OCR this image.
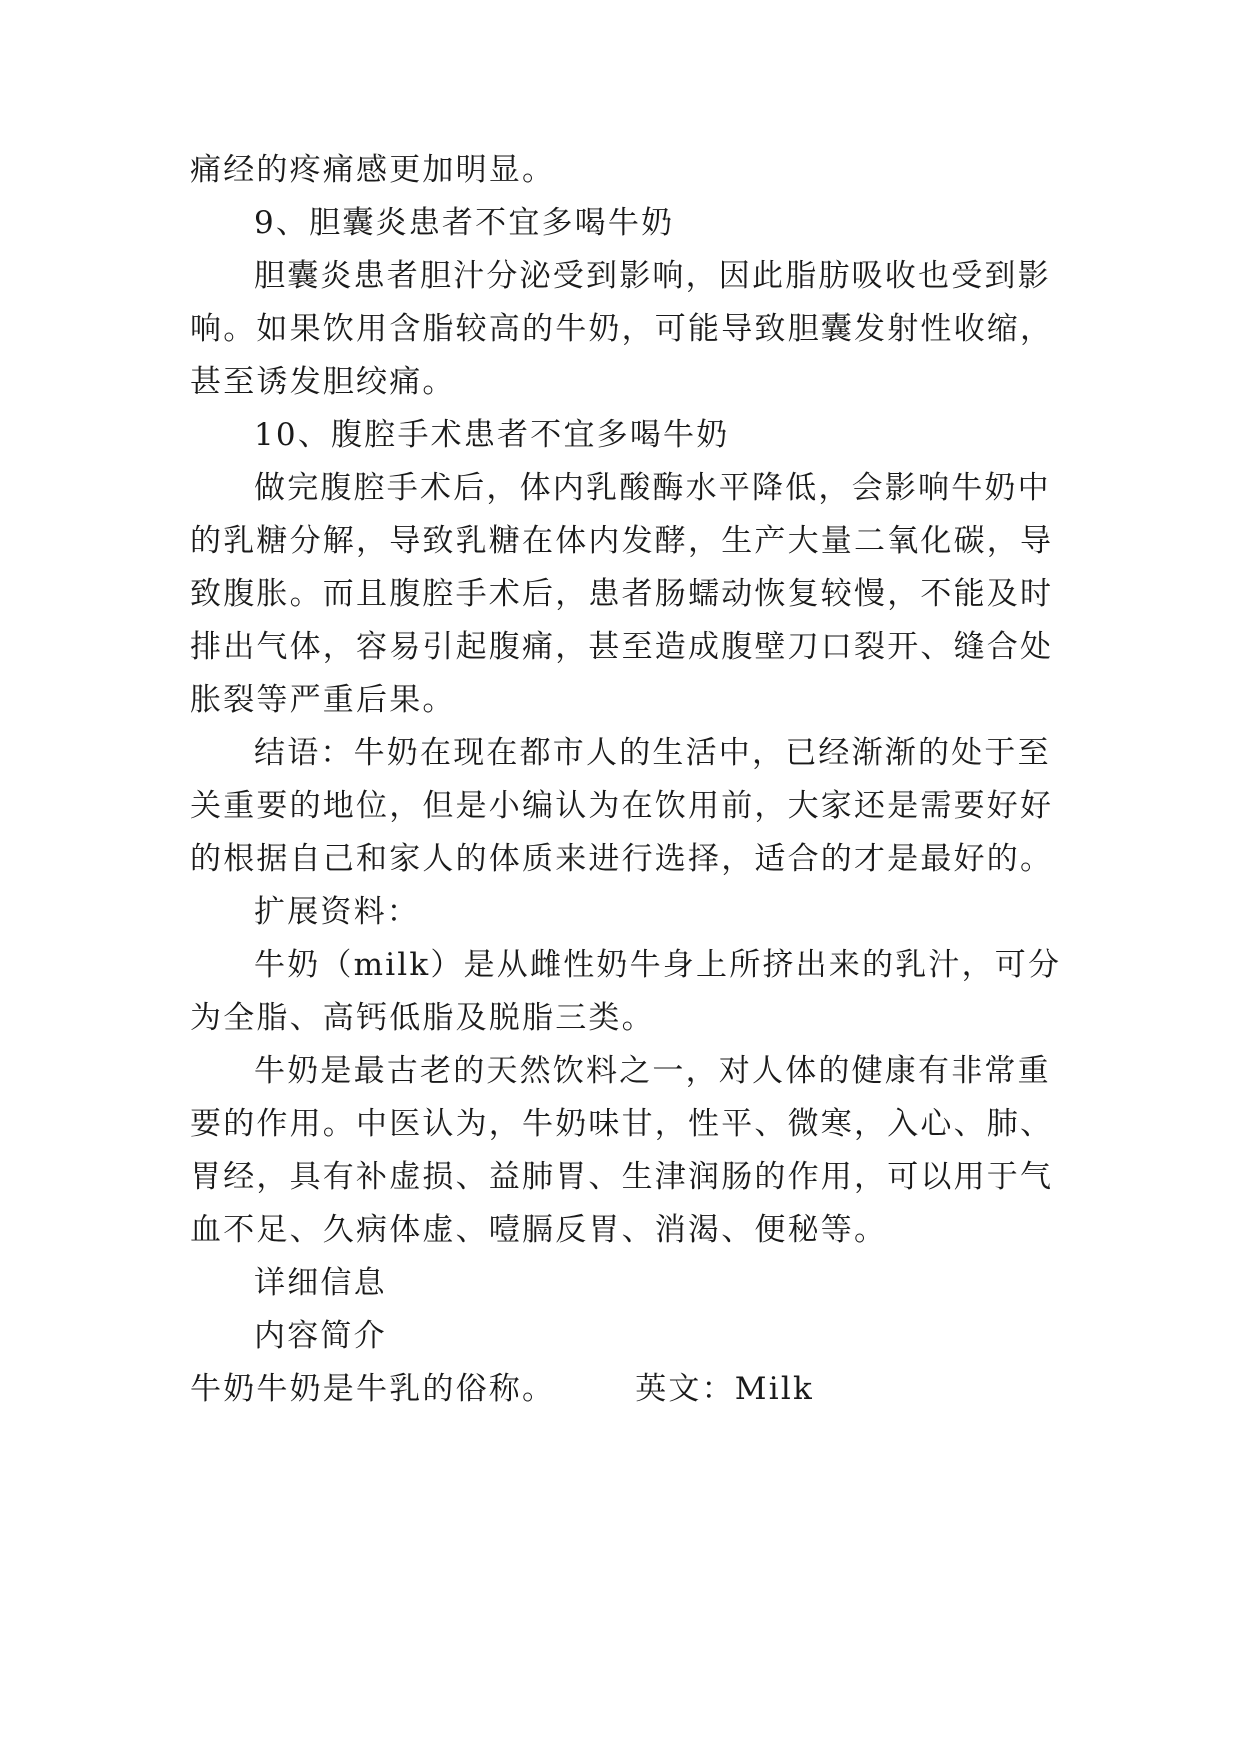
痛经的疼痛感更加明显。
9、胆囊炎患者不宜多喝牛奶
胆囊炎患者胆汁分泌受到影响，因此脂肪吸收也受到影
响。如果饮用含脂较高的牛奶，可能导致胆囊发射性收缩，
甚至诱发胆绞痛。
10、腹腔手术患者不宜多喝牛奶
做完腹腔手术后，体内乳酸酶水平降低，会影响牛奶中
的乳糖分解，导致乳糖在体内发酵，生产大量二氧化碳，导
致腹胀。而且腹腔手术后，患者肠蠕动恢复较慢，不能及时
排出气体，容易引起腹痛，甚至造成腹壁刀口裂开、缝合处
胀裂等严重后果。
结语：牛奶在现在都市人的生活中，已经渐渐的处于至
关重要的地位，但是小编认为在饮用前，大家还是需要好好
的根据自己和家人的体质来进行选择，适合的才是最好的。
扩展资料：
牛奶（milk）是从雌性奶牛身上所挤出来的乳汁，可分
为全脂、高钙低脂及脱脂三类。
牛奶是最古老的天然饮料之一，对人体的健康有非常重
要的作用。中医认为，牛奶味甘，性平、微寒，入心、肺、
胃经，具有补虚损、益肺胃、生津润肠的作用，可以用于气
血不足、久病体虚、噎膈反胃、消渴、便秘等。
详细信息
内容简介
牛奶牛奶是牛乳的俗称。	英文：Milk
